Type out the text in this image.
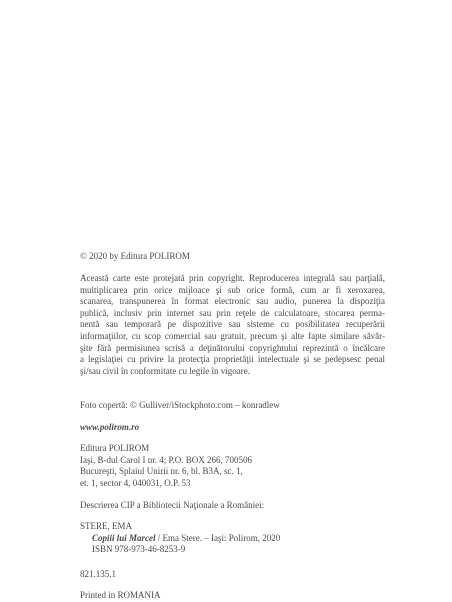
© 2020 by Editura POLIROM
Această carte este protejată prin copyright. Reproducerea integrală sau parţială,
multiplicarea prin orice mijloace şi sub orice formă, cum ar fi xeroxarea,
scanarea, transpunerea în format electronic sau audio, punerea la dispoziţia
publică, inclusiv prin internet sau prin reţele de calculatoare, stocarea perma-
nentă sau temporară pe dispozitive sau sisteme cu posibilitatea recuperării
informaţiilor, cu scop comercial sau gratuit, precum şi alte fapte similare săvâr-
şite fără permisiunea scrisă a deţinătorului copyrightului reprezintă o încălcare
a legislaţiei cu privire la protecţia proprietăţii intelectuale şi se pedepsesc penal
şi/sau civil în conformitate cu legile în vigoare.
Foto copertă: © Gulliver/iStockphoto.com – konradlew
www.polirom.ro
Editura POLIROM
Iaşi, B-dul Carol I nr. 4; P.O. BOX 266, 700506
Bucureşti, Splaiul Unirii nr. 6, bl. B3A, sc. 1,
et. 1, sector 4, 040031, O.P. 53
Descrierea CIP a Bibliotecii Naţionale a României:
STERE, EMA
Copiii lui Marcel / Ema Stere. – Iaşi: Polirom, 2020
ISBN 978-973-46-8253-9
821.135.1
Printed in ROMANIA
